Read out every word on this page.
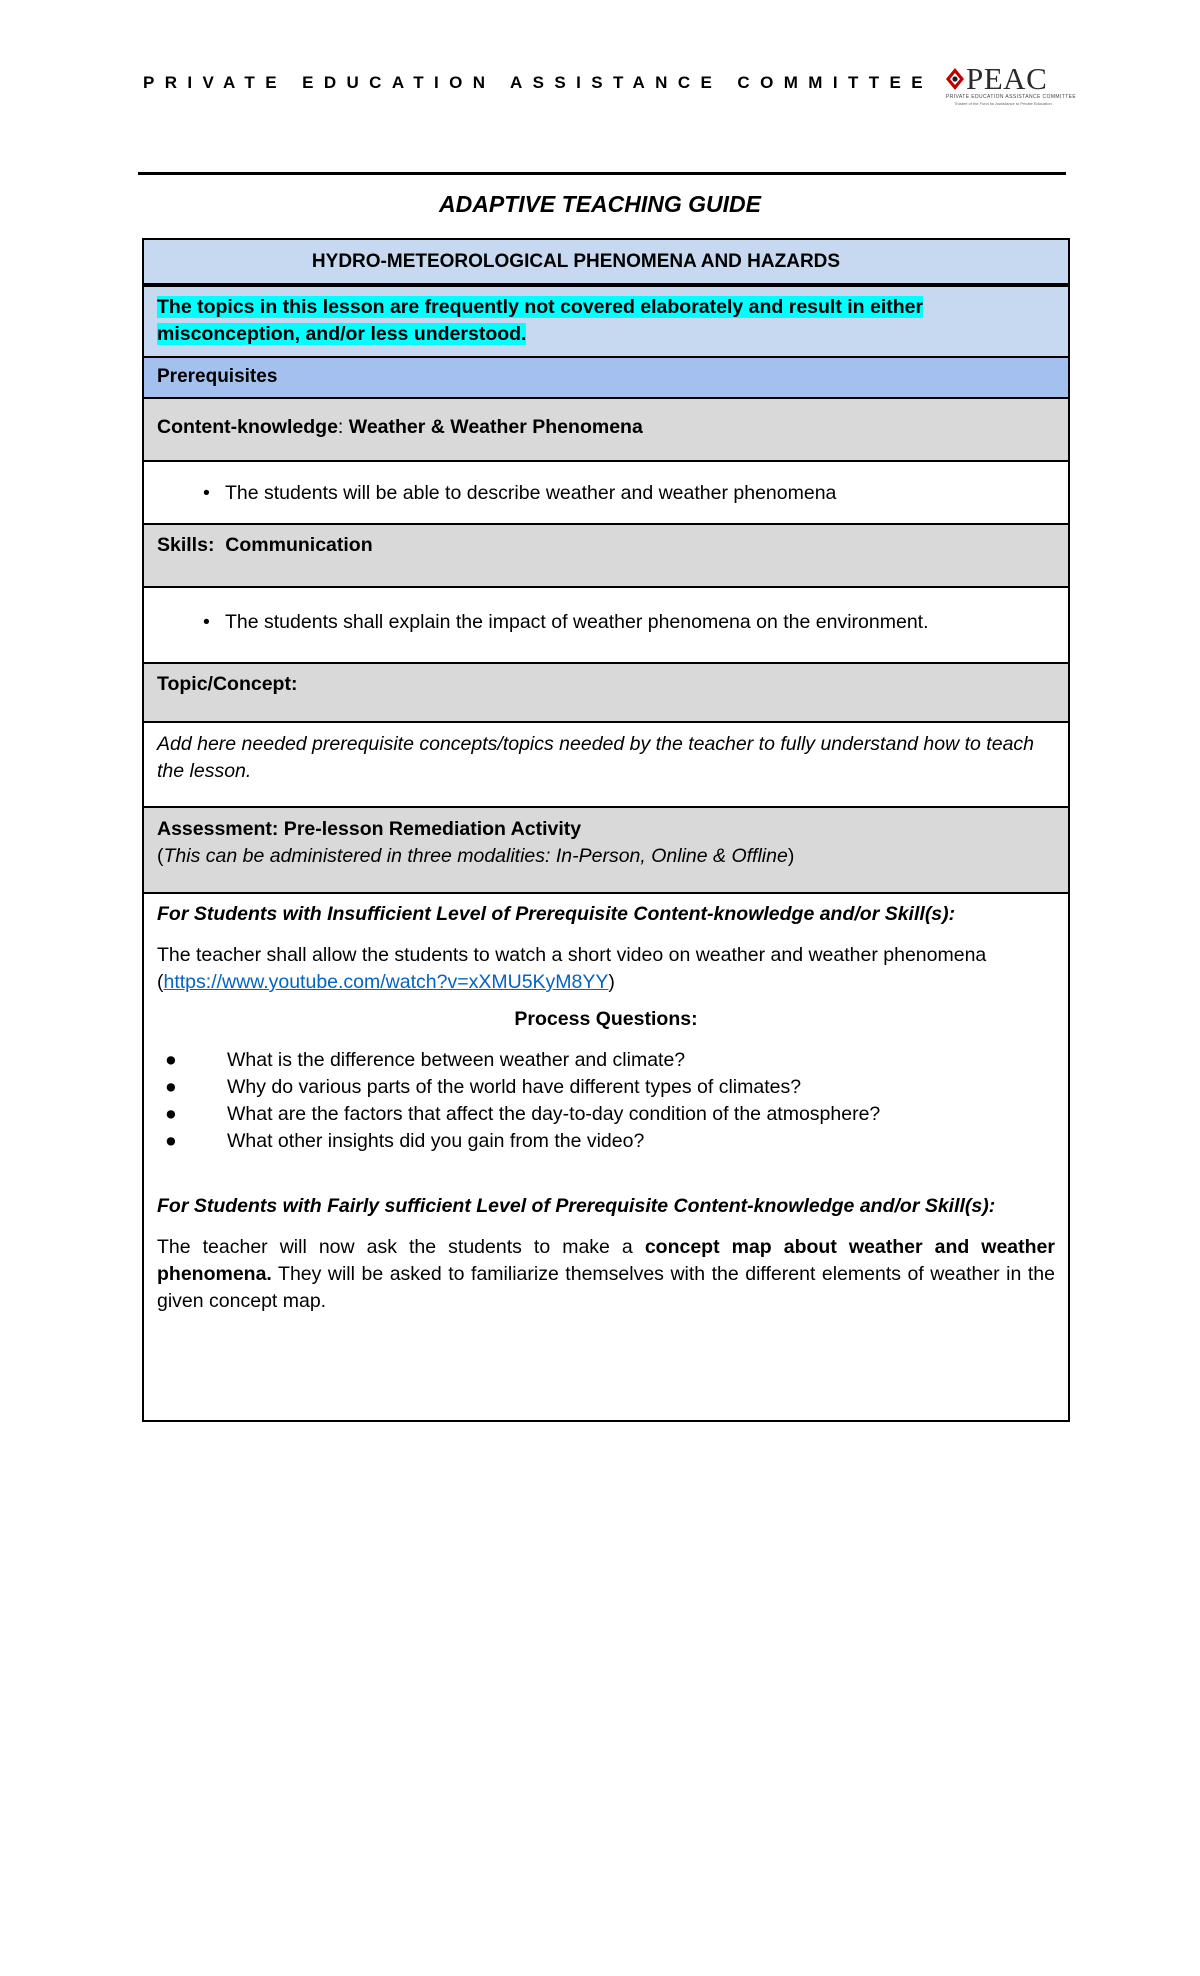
PRIVATE EDUCATION ASSISTANCE COMMITTEE PEAC
PRIVATE EDUCATION ASSISTANCE COMMITTEE
Trustee of the Fund for Assistance to Private Education
ADAPTIVE TEACHING GUIDE
HYDRO-METEOROLOGICAL PHENOMENA AND HAZARDS
The topics in this lesson are frequently not covered elaborately and result in either
misconception, and/or less understood.
Prerequisites
Content-knowledge: Weather & Weather Phenomena
• The students will be able to describe weather and weather phenomena
Skills: Communication
• The students shall explain the impact of weather phenomena on the environment.
Topic/Concept:
Add here needed prerequisite concepts/topics needed by the teacher to fully understand how to teach the lesson.
Assessment: Pre-lesson Remediation Activity
(This can be administered in three modalities: In-Person, Online & Offline)
For Students with Insufficient Level of Prerequisite Content-knowledge and/or Skill(s):
The teacher shall allow the students to watch a short video on weather and weather phenomena
(https://www.youtube.com/watch?v=xXMU5KyM8YY)
Process Questions:
●	What is the difference between weather and climate?
●	Why do various parts of the world have different types of climates?
●	What are the factors that affect the day-to-day condition of the atmosphere?
●	What other insights did you gain from the video?
For Students with Fairly sufficient Level of Prerequisite Content-knowledge and/or Skill(s):
The teacher will now ask the students to make a concept map about weather and weather phenomena. They will be asked to familiarize themselves with the different elements of weather in the given concept map.
